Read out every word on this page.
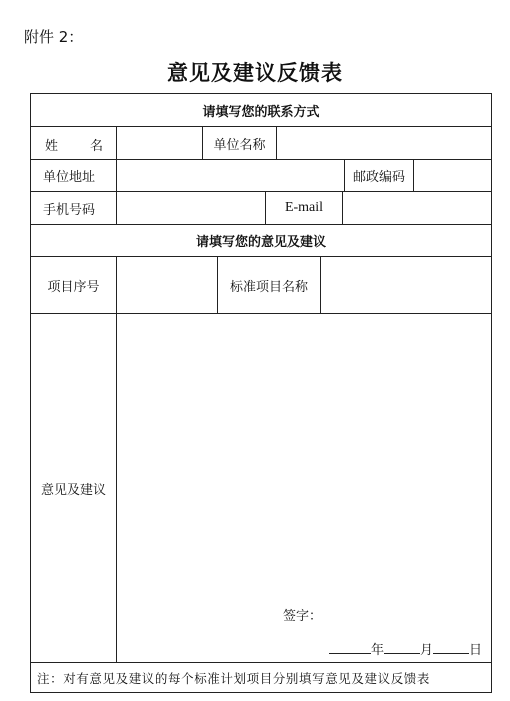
附件 2：
意见及建议反馈表
请填写您的联系方式
姓 名	单位名称
单位地址	邮政编码
手机号码	E-mail
请填写您的意见及建议
项目序号	标准项目名称
意见及建议
签字：
年	月	日
注：对有意见及建议的每个标准计划项目分别填写意见及建议反馈表
